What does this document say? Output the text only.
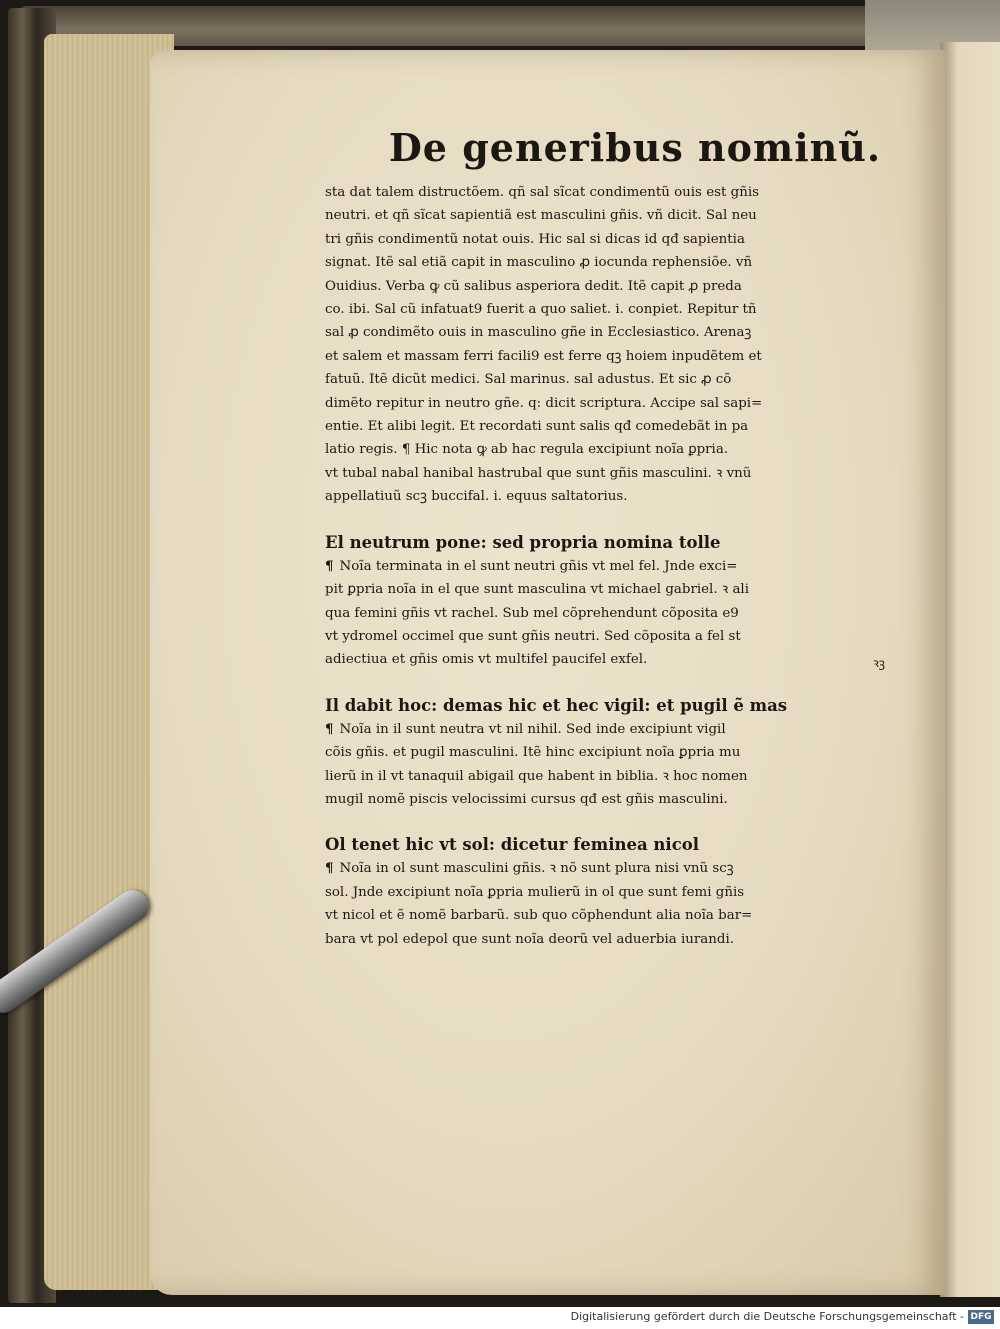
De generibus nominũ.

sta dat talem distructõem. qñ sal sĩcat condimentũ ouis est gñis

neutri. et qñ sĩcat sapientiã est masculini gñis. vñ dicit. Sal neu

tri gñis condimentũ notat ouis. Hic sal si dicas id qđ sapientia

signat. Itẽ sal etiã capit in masculino ꝓ iocunda rephensiõe. vñ

Ouidius. Verba ꝙ cũ salibus asperiora dedit. Itẽ capit ꝓ preda

co. ibi. Sal cũ infatuat9 fuerit a quo saliet. i. conpiet. Repitur tñ

sal ꝓ condimẽto ouis in masculino gñe in Ecclesiastico. Arenaꝫ

et salem et massam ferri facili9 est ferre qꝫ hoiem inpudẽtem et

fatuũ. Itẽ dicũt medici. Sal marinus. sal adustus. Et sic ꝓ cõ

dimẽto repitur in neutro gñe. q: dicit scriptura. Accipe sal sapi=

entie. Et alibi legit. Et recordati sunt salis qđ comedebãt in pa

latio regis. ¶ Hic nota ꝙ ab hac regula excipiunt noĩa ꝑpria.

vt tubal nabal hanibal hastrubal que sunt gñis masculini. ꝛ vnũ

appellatiuũ scꝫ buccifal. i. equus saltatorius.

El neutrum pone: sed propria nomina tolle

¶ Noĩa terminata in el sunt neutri gñis vt mel fel. Jnde exci=

pit ꝑpria noĩa in el que sunt masculina vt michael gabriel. ꝛ ali

qua femini gñis vt rachel. Sub mel cõprehendunt cõposita e9

vt ydromel occimel que sunt gñis neutri. Sed cõposita a fel st

adiectiua et gñis omis vt multifel paucifel exfel.	ꝛꝫ

Il dabit hoc: demas hic et hec vigil: et pugil ẽ mas

¶ Noĩa in il sunt neutra vt nil nihil. Sed inde excipiunt vigil

cõis gñis. et pugil masculini. Itẽ hinc excipiunt noĩa ꝑpria mu

lierũ in il vt tanaquil abigail que habent in biblia. ꝛ hoc nomen

mugil nomẽ piscis velocissimi cursus qđ est gñis masculini.

Ol tenet hic vt sol: dicetur feminea nicol

¶ Noĩa in ol sunt masculini gñis. ꝛ nõ sunt plura nisi vnũ scꝫ

sol. Jnde excipiunt noĩa ꝑpria mulierũ in ol que sunt femi gñis

vt nicol et ẽ nomẽ barbarũ. sub quo cõphendunt alia noĩa bar=

bara vt pol edepol que sunt noĩa deorũ vel aduerbia iurandi.

Digitalisierung gefördert durch die Deutsche Forschungsgemeinschaft - DFG
